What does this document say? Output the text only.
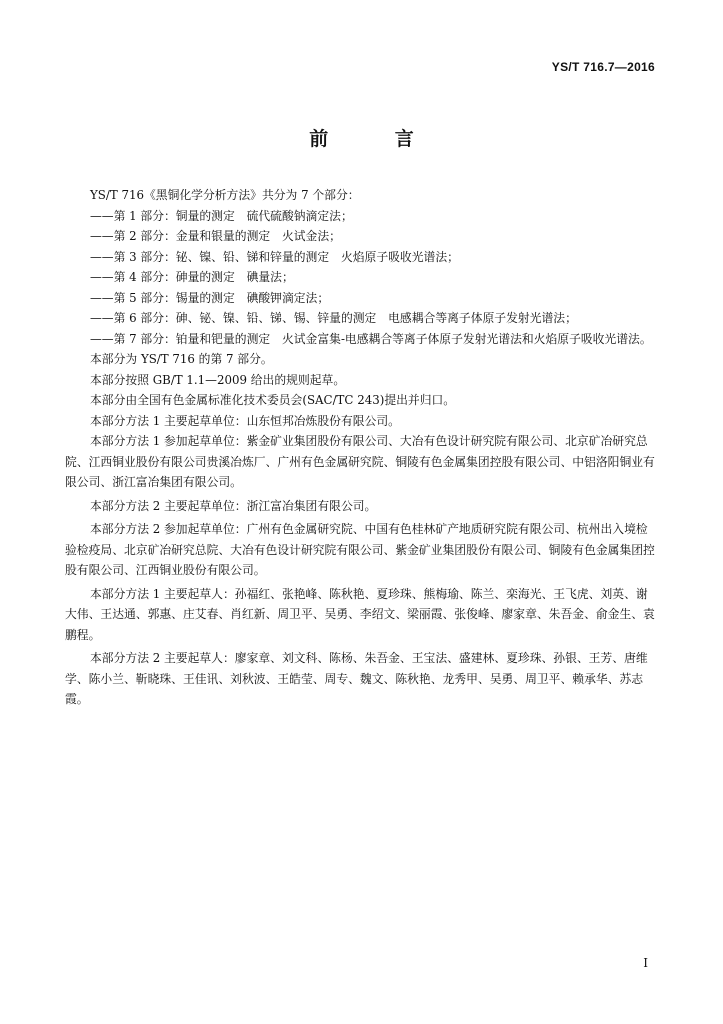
YS/T 716.7—2016
前 言

YS/T 716《黑铜化学分析方法》共分为 7 个部分：

——第 1 部分：铜量的测定　硫代硫酸钠滴定法；
——第 2 部分：金量和银量的测定　火试金法；
——第 3 部分：铋、镍、铅、锑和锌量的测定　火焰原子吸收光谱法；
——第 4 部分：砷量的测定　碘量法；
——第 5 部分：锡量的测定　碘酸钾滴定法；
——第 6 部分：砷、铋、镍、铅、锑、锡、锌量的测定　电感耦合等离子体原子发射光谱法；
——第 7 部分：铂量和钯量的测定　火试金富集-电感耦合等离子体原子发射光谱法和火焰原子吸收光谱法。

本部分为 YS/T 716 的第 7 部分。

本部分按照 GB/T 1.1—2009 给出的规则起草。

本部分由全国有色金属标准化技术委员会(SAC/TC 243)提出并归口。

本部分方法 1 主要起草单位：山东恒邦冶炼股份有限公司。

本部分方法 1 参加起草单位：紫金矿业集团股份有限公司、大冶有色设计研究院有限公司、北京矿冶研究总院、江西铜业股份有限公司贵溪冶炼厂、广州有色金属研究院、铜陵有色金属集团控股有限公司、中铝洛阳铜业有限公司、浙江富冶集团有限公司。

本部分方法 2 主要起草单位：浙江富冶集团有限公司。

本部分方法 2 参加起草单位：广州有色金属研究院、中国有色桂林矿产地质研究院有限公司、杭州出入境检验检疫局、北京矿冶研究总院、大冶有色设计研究院有限公司、紫金矿业集团股份有限公司、铜陵有色金属集团控股有限公司、江西铜业股份有限公司。

本部分方法 1 主要起草人：孙福红、张艳峰、陈秋艳、夏珍珠、熊梅瑜、陈兰、栾海光、王飞虎、刘英、谢大伟、王达通、郭惠、庄艾春、肖红新、周卫平、吴勇、李绍文、梁丽霞、张俊峰、廖家章、朱吾金、俞金生、袁鹏程。

本部分方法 2 主要起草人：廖家章、刘文科、陈杨、朱吾金、王宝法、盛建林、夏珍珠、孙银、王芳、唐维学、陈小兰、靳晓珠、王佳讯、刘秋波、王皓莹、周专、魏文、陈秋艳、龙秀甲、吴勇、周卫平、赖承华、苏志霞。

I
